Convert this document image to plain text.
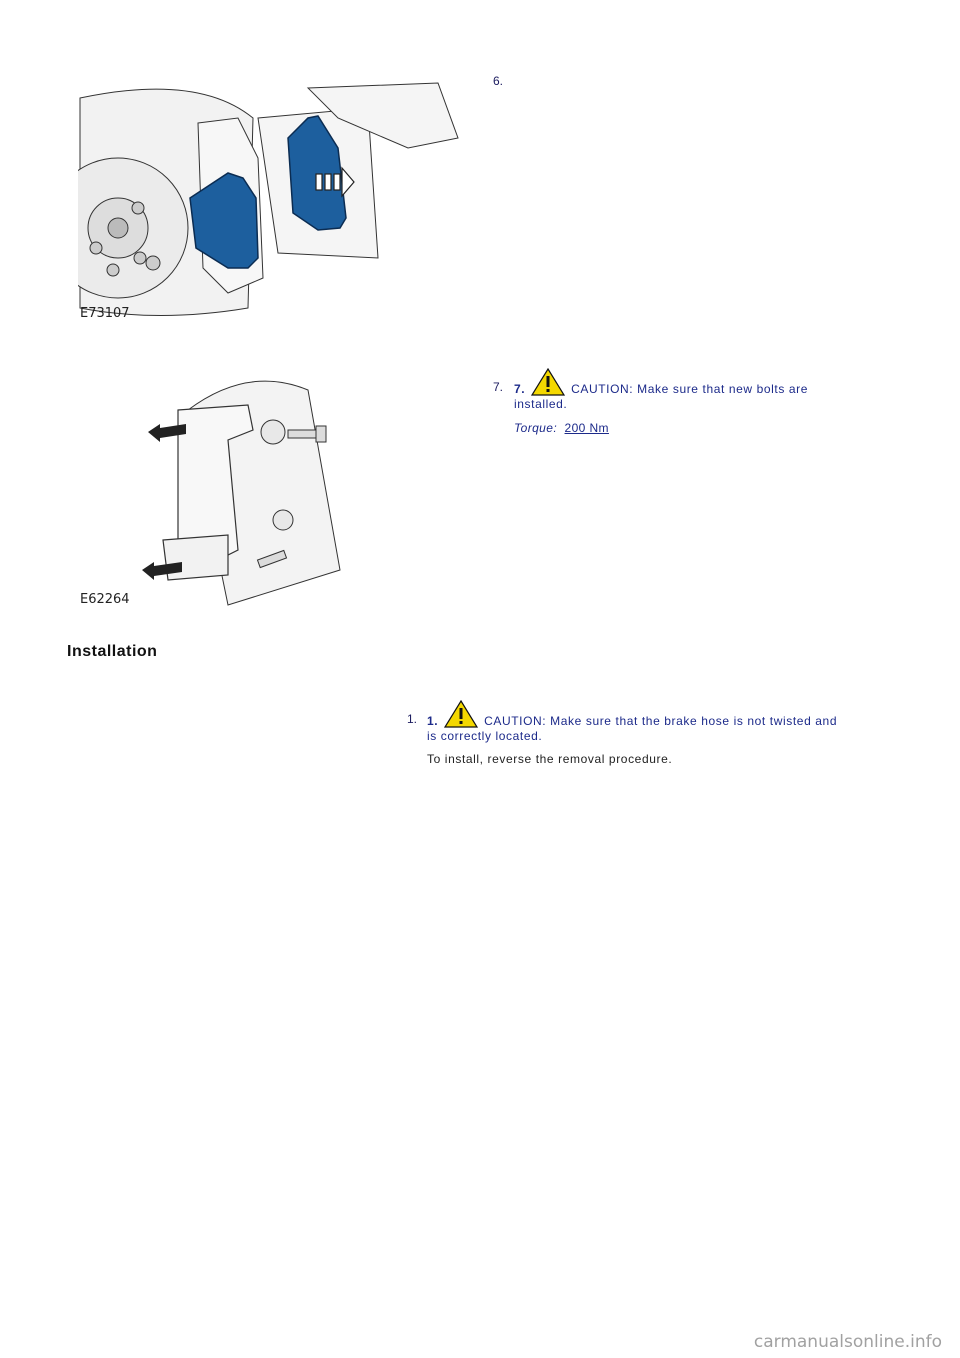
E73107
6.
E62264
7. 7.	CAUTION: Make sure that new bolts are
installed.
Torque: 200 Nm
Installation
1. 1.	CAUTION: Make sure that the brake hose is not twisted and
is correctly located.
To install, reverse the removal procedure.
carmanualsonline.info
